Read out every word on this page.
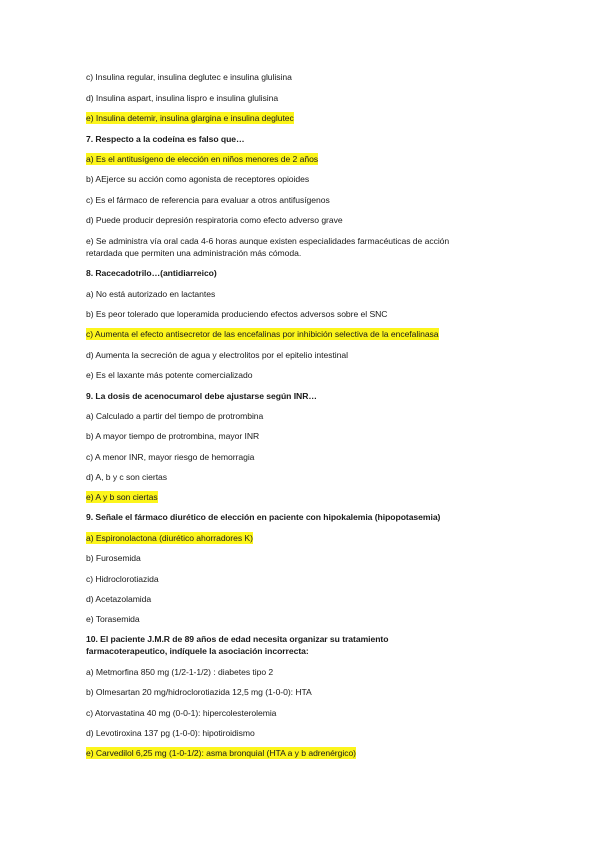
c) Insulina regular, insulina deglutec e insulina glulisina
d) Insulina aspart, insulina lispro e insulina glulisina
e) Insulina detemir, insulina glargina e insulina deglutec
7. Respecto a la codeína es falso que…
a) Es el antitusígeno de elección en niños menores de 2 años
b) AEjerce su acción como agonista de receptores opioides
c) Es el fármaco de referencia para evaluar a otros antifusígenos
d) Puede producir depresión respiratoria como efecto adverso grave
e) Se administra vía oral cada 4-6 horas aunque existen especialidades farmacéuticas de acción
retardada que permiten una administración más cómoda.
8. Racecadotrilo…(antidiarreico)
a) No está autorizado en lactantes
b) Es peor tolerado que loperamida produciendo efectos adversos sobre el SNC
c) Aumenta el efecto antisecretor de las encefalinas por inhibición selectiva de la encefalinasa
d) Aumenta la secreción de agua y electrolitos por el epitelio intestinal
e) Es el laxante más potente comercializado
9. La dosis de acenocumarol debe ajustarse según INR…
a) Calculado a partir del tiempo de protrombina
b) A mayor tiempo de protrombina, mayor INR
c) A menor INR, mayor riesgo de hemorragia
d) A, b y c son ciertas
e) A y b son ciertas
9. Señale el fármaco diurético de elección en paciente con hipokalemia (hipopotasemia)
a) Espironolactona (diurético ahorradores K)
b) Furosemida
c) Hidroclorotiazida
d) Acetazolamida
e) Torasemida
10. El paciente J.M.R de 89 años de edad necesita organizar su tratamiento
farmacoterapeutico, indíquele la asociación incorrecta:
a) Metmorfina 850 mg (1/2-1-1/2) : diabetes tipo 2
b) Olmesartan 20 mg/hidroclorotiazida 12,5 mg (1-0-0): HTA
c) Atorvastatina 40 mg (0-0-1): hipercolesterolemia
d) Levotiroxina 137 pg (1-0-0): hipotiroidismo
e) Carvedilol 6,25 mg (1-0-1/2): asma bronquial (HTA a y b adrenérgico)
